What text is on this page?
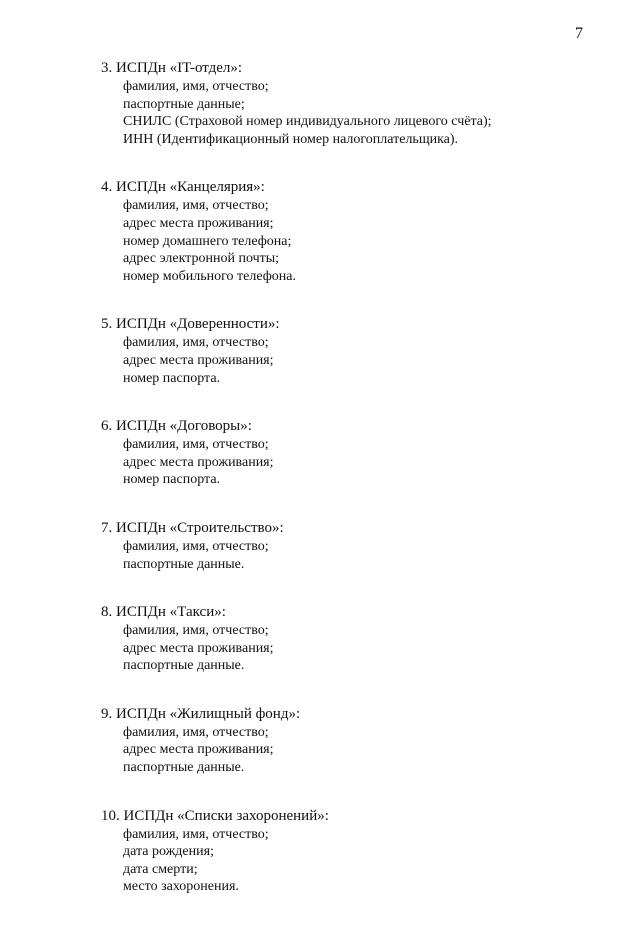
7
3. ИСПДн «IT-отдел»:
фамилия, имя, отчество;
паспортные данные;
СНИЛС (Страховой номер индивидуального лицевого счёта);
ИНН (Идентификационный номер налогоплательщика).
4. ИСПДн «Канцелярия»:
фамилия, имя, отчество;
адрес места проживания;
номер домашнего телефона;
адрес электронной почты;
номер мобильного телефона.
5. ИСПДн «Доверенности»:
фамилия, имя, отчество;
адрес места проживания;
номер паспорта.
6. ИСПДн «Договоры»:
фамилия, имя, отчество;
адрес места проживания;
номер паспорта.
7. ИСПДн «Строительство»:
фамилия, имя, отчество;
паспортные данные.
8. ИСПДн «Такси»:
фамилия, имя, отчество;
адрес места проживания;
паспортные данные.
9. ИСПДн «Жилищный фонд»:
фамилия, имя, отчество;
адрес места проживания;
паспортные данные.
10. ИСПДн «Списки захоронений»:
фамилия, имя, отчество;
дата рождения;
дата смерти;
место захоронения.
